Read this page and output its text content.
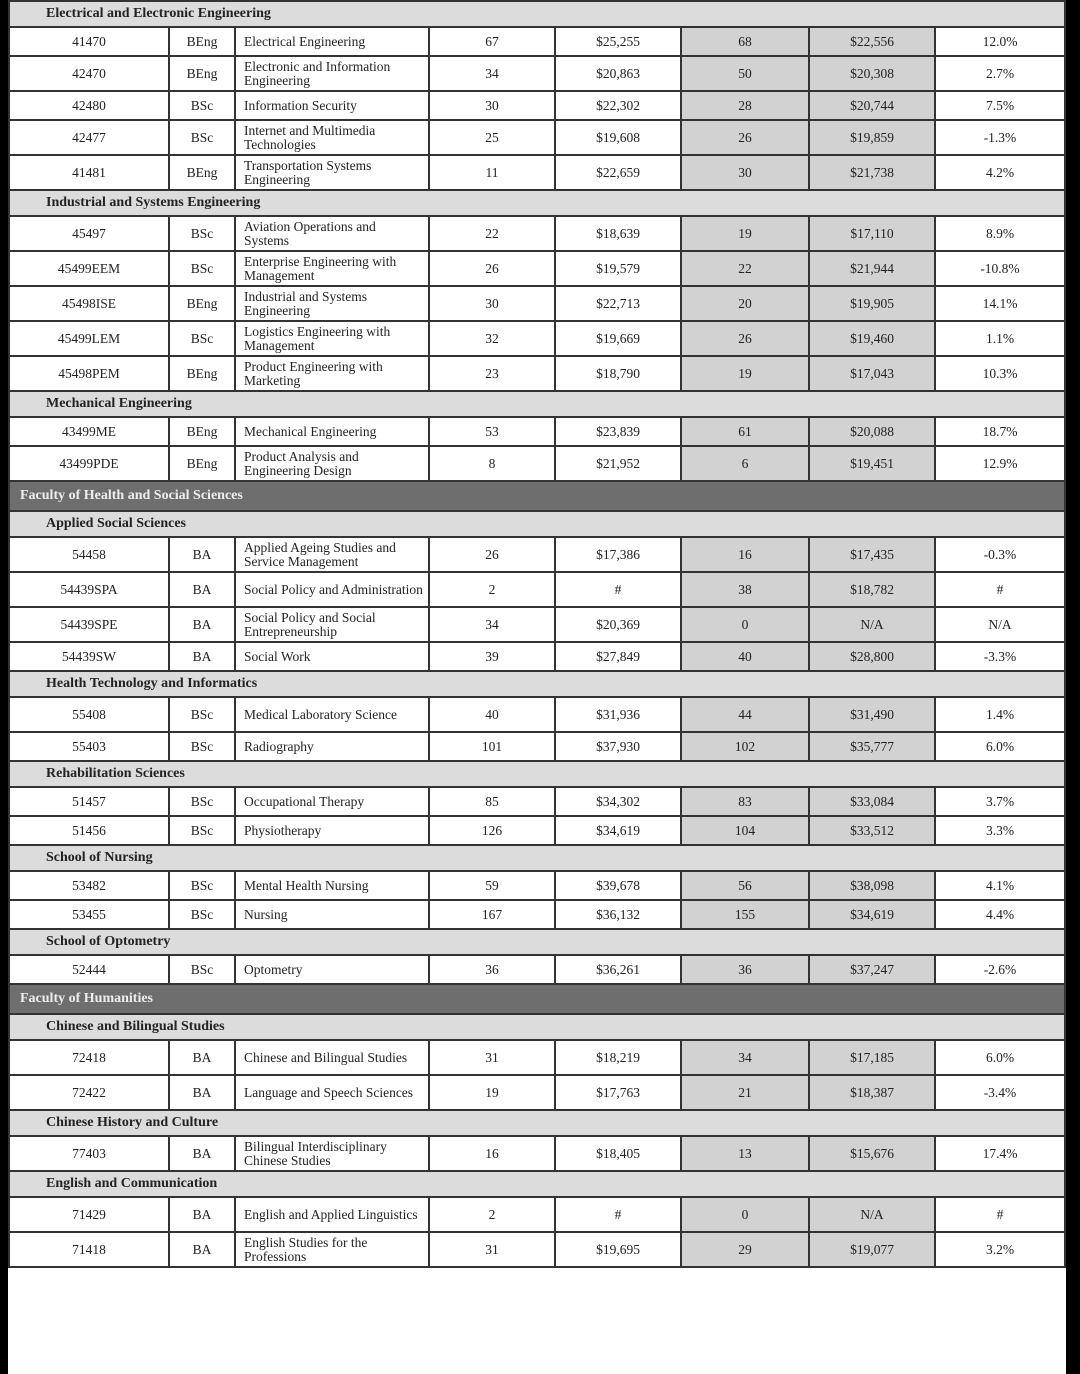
Electrical and Electronic Engineering							
41470	BEng	Electrical Engineering	67	$25,255	68	$22,556	12.0%
42470	BEng	Electronic and Information Engineering	34	$20,863	50	$20,308	2.7%
42480	BSc	Information Security	30	$22,302	28	$20,744	7.5%
42477	BSc	Internet and Multimedia Technologies	25	$19,608	26	$19,859	-1.3%
41481	BEng	Transportation Systems Engineering	11	$22,659	30	$21,738	4.2%
Industrial and Systems Engineering							
45497	BSc	Aviation Operations and Systems	22	$18,639	19	$17,110	8.9%
45499EEM	BSc	Enterprise Engineering with Management	26	$19,579	22	$21,944	-10.8%
45498ISE	BEng	Industrial and Systems Engineering	30	$22,713	20	$19,905	14.1%
45499LEM	BSc	Logistics Engineering with Management	32	$19,669	26	$19,460	1.1%
45498PEM	BEng	Product Engineering with Marketing	23	$18,790	19	$17,043	10.3%
Mechanical Engineering							
43499ME	BEng	Mechanical Engineering	53	$23,839	61	$20,088	18.7%
43499PDE	BEng	Product Analysis and Engineering Design	8	$21,952	6	$19,451	12.9%
Faculty of Health and Social Sciences							
Applied Social Sciences							
54458	BA	Applied Ageing Studies and Service Management	26	$17,386	16	$17,435	-0.3%
54439SPA	BA	Social Policy and Administration	2	#	38	$18,782	#
54439SPE	BA	Social Policy and Social Entrepreneurship	34	$20,369	0	N/A	N/A
54439SW	BA	Social Work	39	$27,849	40	$28,800	-3.3%
Health Technology and Informatics							
55408	BSc	Medical Laboratory Science	40	$31,936	44	$31,490	1.4%
55403	BSc	Radiography	101	$37,930	102	$35,777	6.0%
Rehabilitation Sciences							
51457	BSc	Occupational Therapy	85	$34,302	83	$33,084	3.7%
51456	BSc	Physiotherapy	126	$34,619	104	$33,512	3.3%
School of Nursing							
53482	BSc	Mental Health Nursing	59	$39,678	56	$38,098	4.1%
53455	BSc	Nursing	167	$36,132	155	$34,619	4.4%
School of Optometry							
52444	BSc	Optometry	36	$36,261	36	$37,247	-2.6%
Faculty of Humanities							
Chinese and Bilingual Studies							
72418	BA	Chinese and Bilingual Studies	31	$18,219	34	$17,185	6.0%
72422	BA	Language and Speech Sciences	19	$17,763	21	$18,387	-3.4%
Chinese History and Culture							
77403	BA	Bilingual Interdisciplinary Chinese Studies	16	$18,405	13	$15,676	17.4%
English and Communication							
71429	BA	English and Applied Linguistics	2	#	0	N/A	#
71418	BA	English Studies for the Professions	31	$19,695	29	$19,077	3.2%
